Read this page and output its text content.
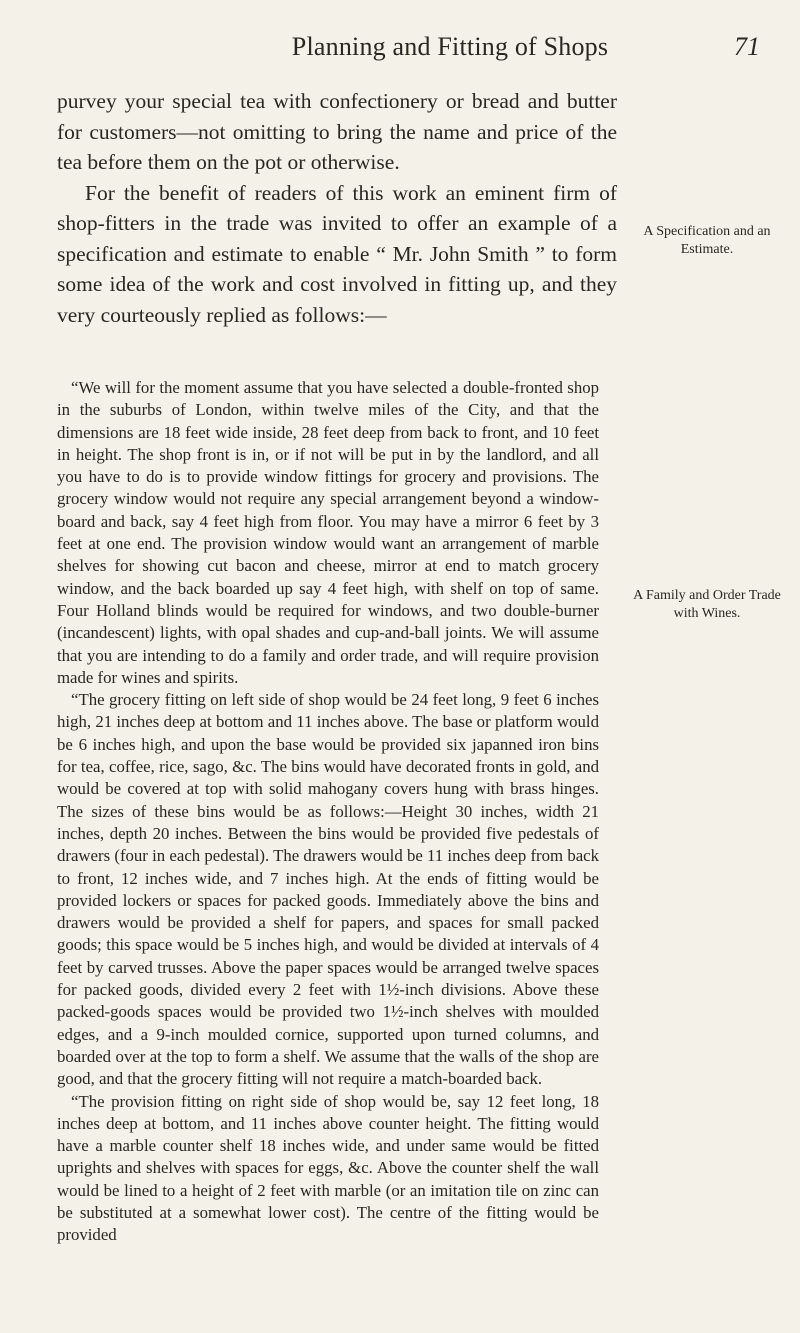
Planning and Fitting of Shops	71

purvey your special tea with confectionery or bread and butter for customers—not omitting to bring the name and price of the tea before them on the pot or otherwise.

For the benefit of readers of this work an eminent firm of shop-fitters in the trade was invited to offer an example of a specification and estimate to enable “ Mr. John Smith ” to form some idea of the work and cost involved in fitting up, and they very courteously replied as follows:—

A Specification and an Estimate.

“We will for the moment assume that you have selected a double-fronted shop in the suburbs of London, within twelve miles of the City, and that the dimensions are 18 feet wide inside, 28 feet deep from back to front, and 10 feet in height. The shop front is in, or if not will be put in by the landlord, and all you have to do is to provide window fittings for grocery and provisions. The grocery window would not require any special arrangement beyond a window-board and back, say 4 feet high from floor. You may have a mirror 6 feet by 3 feet at one end. The provision window would want an arrangement of marble shelves for showing cut bacon and cheese, mirror at end to match grocery window, and the back boarded up say 4 feet high, with shelf on top of same. Four Holland blinds would be required for windows, and two double-burner (incandescent) lights, with opal shades and cup-and-ball joints. We will assume that you are intending to do a family and order trade, and will require provision made for wines and spirits.

“The grocery fitting on left side of shop would be 24 feet long, 9 feet 6 inches high, 21 inches deep at bottom and 11 inches above. The base or platform would be 6 inches high, and upon the base would be provided six japanned iron bins for tea, coffee, rice, sago, &c. The bins would have decorated fronts in gold, and would be covered at top with solid mahogany covers hung with brass hinges. The sizes of these bins would be as follows:—Height 30 inches, width 21 inches, depth 20 inches. Between the bins would be provided five pedestals of drawers (four in each pedestal). The drawers would be 11 inches deep from back to front, 12 inches wide, and 7 inches high. At the ends of fitting would be provided lockers or spaces for packed goods. Immediately above the bins and drawers would be provided a shelf for papers, and spaces for small packed goods; this space would be 5 inches high, and would be divided at intervals of 4 feet by carved trusses. Above the paper spaces would be arranged twelve spaces for packed goods, divided every 2 feet with 1½-inch divisions. Above these packed-goods spaces would be provided two 1½-inch shelves with moulded edges, and a 9-inch moulded cornice, supported upon turned columns, and boarded over at the top to form a shelf. We assume that the walls of the shop are good, and that the grocery fitting will not require a match-boarded back.

“The provision fitting on right side of shop would be, say 12 feet long, 18 inches deep at bottom, and 11 inches above counter height. The fitting would have a marble counter shelf 18 inches wide, and under same would be fitted uprights and shelves with spaces for eggs, &c. Above the counter shelf the wall would be lined to a height of 2 feet with marble (or an imitation tile on zinc can be substituted at a somewhat lower cost). The centre of the fitting would be provided

A Family and Order Trade with Wines.
